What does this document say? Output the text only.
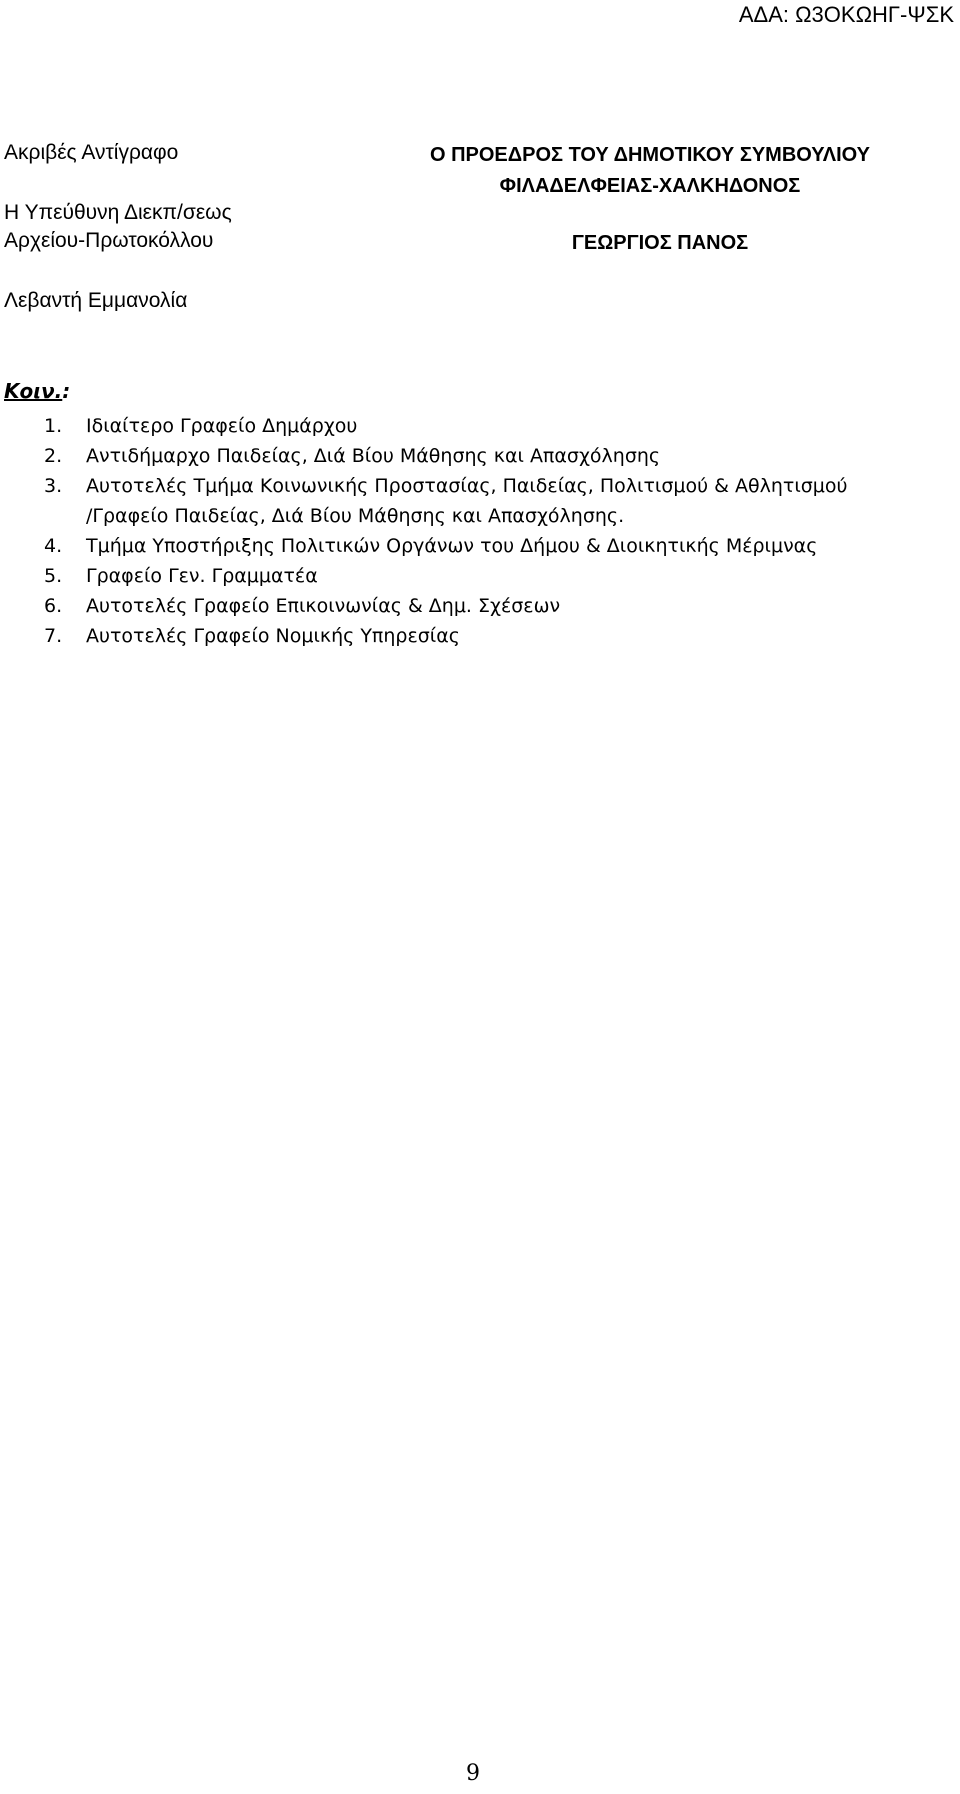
ΑΔΑ: Ω3ΟΚΩΗΓ-ΨΣΚ
Ακριβές Αντίγραφο
Η Υπεύθυνη Διεκπ/σεως
Αρχείου-Πρωτοκόλλου
Λεβαντή Εμμανολία
Ο ΠΡΟΕΔΡΟΣ ΤΟΥ ΔΗΜΟΤΙΚΟΥ ΣΥΜΒΟΥΛΙΟΥ
ΦΙΛΑΔΕΛΦΕΙΑΣ-ΧΑΛΚΗΔΟΝΟΣ
ΓΕΩΡΓΙΟΣ ΠΑΝΟΣ
Κοιν.:
1. Ιδιαίτερο Γραφείο Δημάρχου
2. Αντιδήμαρχο Παιδείας, Διά Βίου Μάθησης και Απασχόλησης
3. Αυτοτελές Τμήμα Κοινωνικής Προστασίας, Παιδείας, Πολιτισμού & Αθλητισμού
/Γραφείο Παιδείας, Διά Βίου Μάθησης και Απασχόλησης.
4. Τμήμα Υποστήριξης Πολιτικών Οργάνων του Δήμου & Διοικητικής Μέριμνας
5. Γραφείο Γεν. Γραμματέα
6. Αυτοτελές Γραφείο Επικοινωνίας & Δημ. Σχέσεων
7. Αυτοτελές Γραφείο Νομικής Υπηρεσίας
9
